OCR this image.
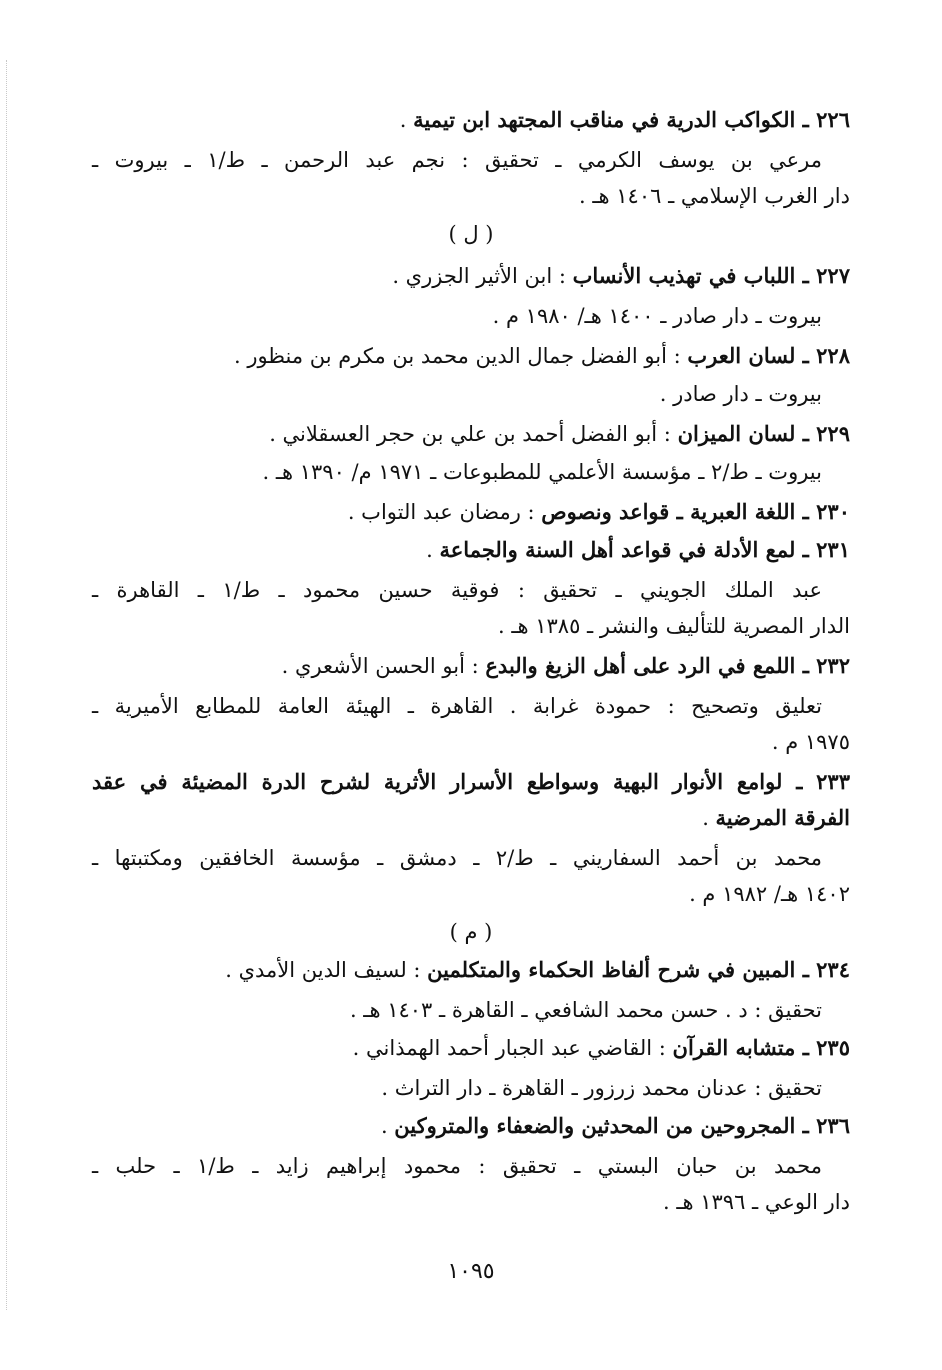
٢٢٦ ـ الكواكب الدرية في مناقب المجتهد ابن تيمية .
مرعي بن يوسف الكرمي ـ تحقيق : نجم عبد الرحمن ـ ط/١ ـ بيروت ـ
دار الغرب الإسلامي ـ ١٤٠٦ هـ .
( ل )
٢٢٧ ـ اللباب في تهذيب الأنساب : ابن الأثير الجزري .
بيروت ـ دار صادر ـ ١٤٠٠ هـ/ ١٩٨٠ م .
٢٢٨ ـ لسان العرب : أبو الفضل جمال الدين محمد بن مكرم بن منظور .
بيروت ـ دار صادر .
٢٢٩ ـ لسان الميزان : أبو الفضل أحمد بن علي بن حجر العسقلاني .
بيروت ـ ط/٢ ـ مؤسسة الأعلمي للمطبوعات ـ ١٩٧١ م/ ١٣٩٠ هـ .
٢٣٠ ـ اللغة العبرية ـ قواعد ونصوص : رمضان عبد التواب .
٢٣١ ـ لمع الأدلة في قواعد أهل السنة والجماعة .
عبد الملك الجويني ـ تحقيق : فوقية حسين محمود ـ ط/١ ـ القاهرة ـ
الدار المصرية للتأليف والنشر ـ ١٣٨٥ هـ .
٢٣٢ ـ اللمع في الرد على أهل الزيغ والبدع : أبو الحسن الأشعري .
تعليق وتصحيح : حمودة غرابة . القاهرة ـ الهيئة العامة للمطابع الأميرية ـ
١٩٧٥ م .
٢٣٣ ـ لوامع الأنوار البهية وسواطع الأسرار الأثرية لشرح الدرة المضيئة في عقد
الفرقة المرضية .
محمد بن أحمد السفاريني ـ ط/٢ ـ دمشق ـ مؤسسة الخافقين ومكتبتها ـ
١٤٠٢ هـ/ ١٩٨٢ م .
( م )
٢٣٤ ـ المبين في شرح ألفاظ الحكماء والمتكلمين : لسيف الدين الأمدي .
تحقيق : د . حسن محمد الشافعي ـ القاهرة ـ ١٤٠٣ هـ .
٢٣٥ ـ متشابه القرآن : القاضي عبد الجبار أحمد الهمذاني .
تحقيق : عدنان محمد زرزور ـ القاهرة ـ دار التراث .
٢٣٦ ـ المجروحين من المحدثين والضعفاء والمتروكين .
محمد بن حبان البستي ـ تحقيق : محمود إبراهيم زايد ـ ط/١ ـ حلب ـ
دار الوعي ـ ١٣٩٦ هـ .
١٠٩٥
